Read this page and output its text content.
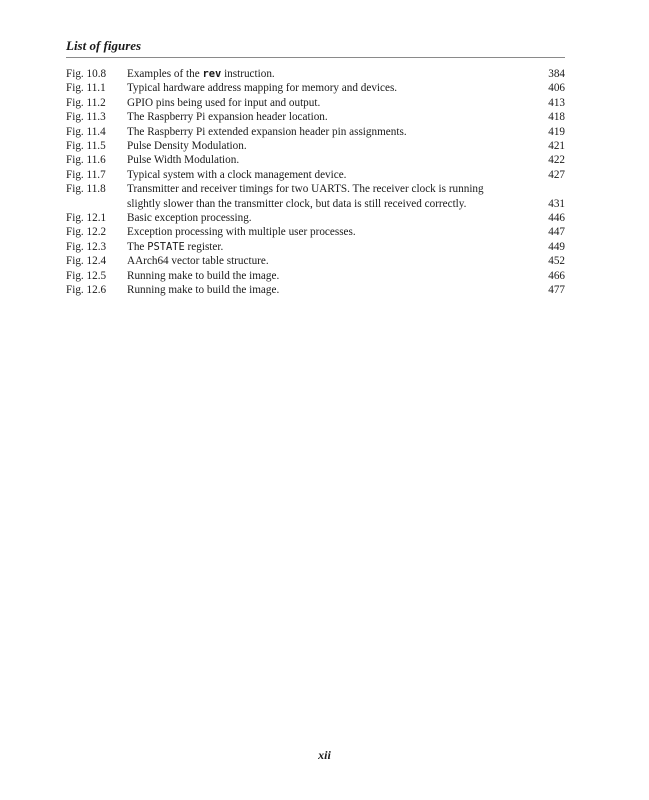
List of figures
Fig. 10.8	Examples of the rev instruction.	384
Fig. 11.1	Typical hardware address mapping for memory and devices.	406
Fig. 11.2	GPIO pins being used for input and output.	413
Fig. 11.3	The Raspberry Pi expansion header location.	418
Fig. 11.4	The Raspberry Pi extended expansion header pin assignments.	419
Fig. 11.5	Pulse Density Modulation.	421
Fig. 11.6	Pulse Width Modulation.	422
Fig. 11.7	Typical system with a clock management device.	427
Fig. 11.8	Transmitter and receiver timings for two UARTS. The receiver clock is running
slightly slower than the transmitter clock, but data is still received correctly.	431
Fig. 12.1	Basic exception processing.	446
Fig. 12.2	Exception processing with multiple user processes.	447
Fig. 12.3	The PSTATE register.	449
Fig. 12.4	AArch64 vector table structure.	452
Fig. 12.5	Running make to build the image.	466
Fig. 12.6	Running make to build the image.	477
xii
